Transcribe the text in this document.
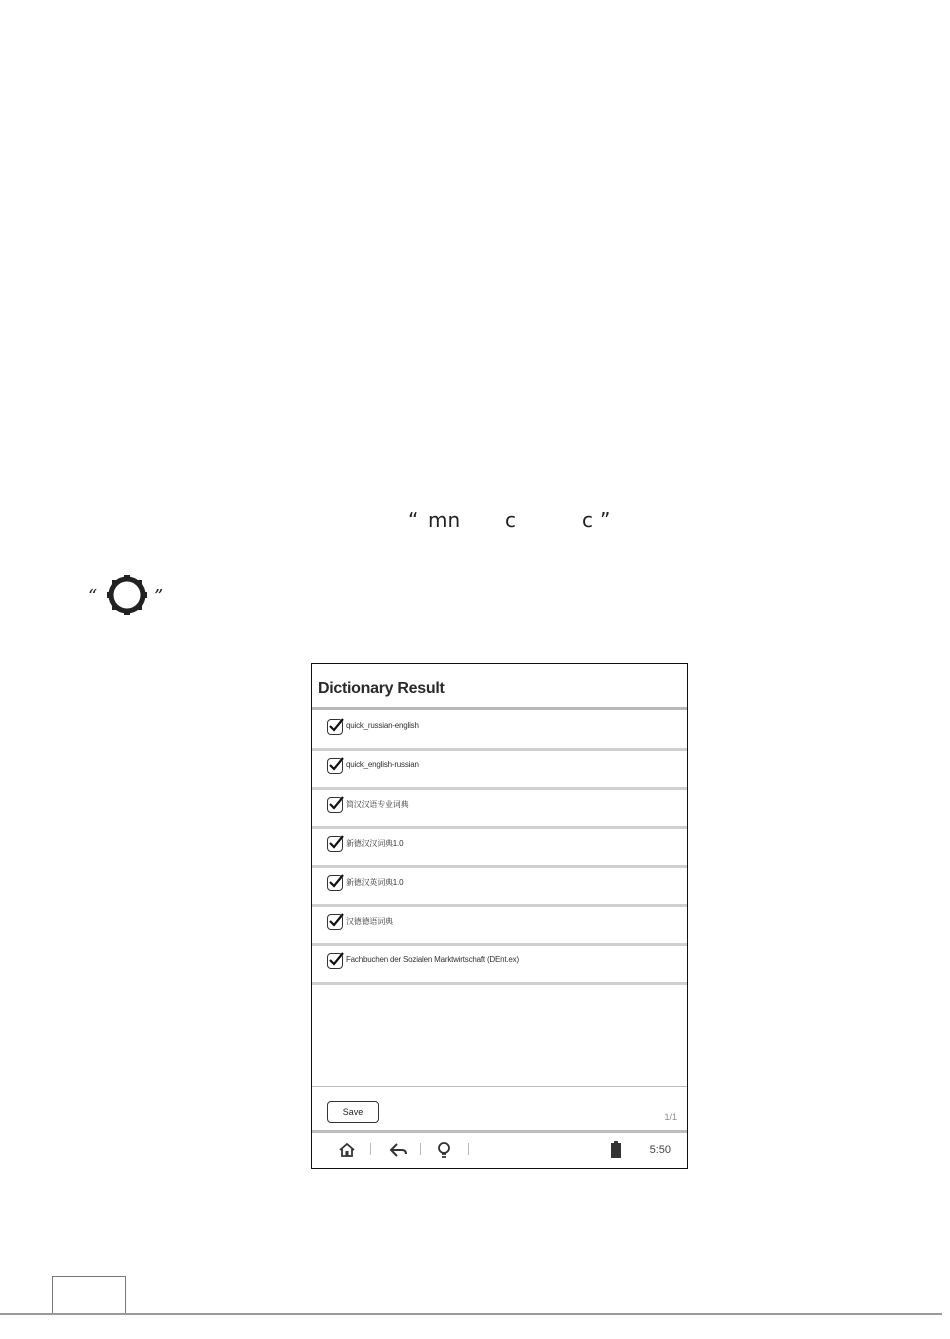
“ mn c	c ”
“	”
Dictionary Result
quick_russian-english
quick_english-russian
简汉汉语专业词典
新德汉汉词典1.0
新德汉英词典1.0
汉德德语词典
Fachbuchen der Sozialen Marktwirtschaft (DEnt.ex)
Save	1/1
5:50
